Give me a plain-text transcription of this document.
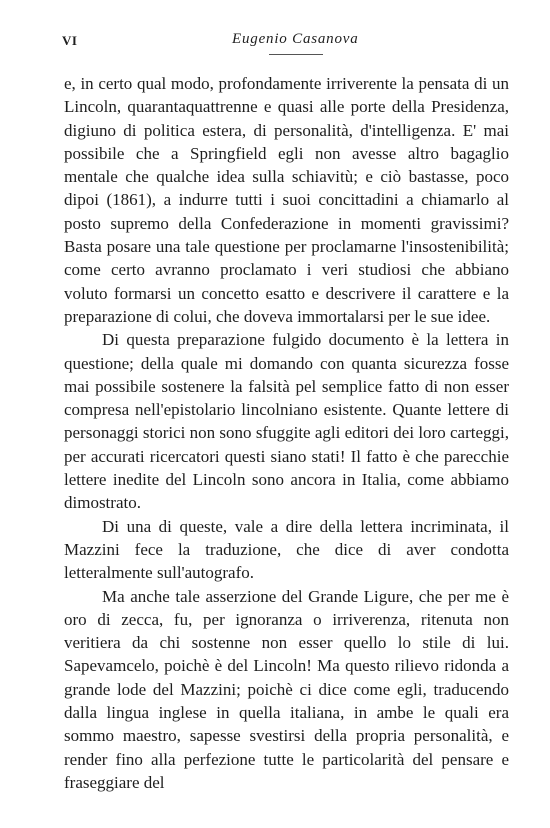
VI	Eugenio Casanova

e, in certo qual modo, profondamente irriverente la pensata di un Lincoln, quarantaquattrenne e quasi alle porte della Presidenza, digiuno di politica estera, di personalità, d'intelligenza. E' mai possibile che a Springfield egli non avesse altro bagaglio mentale che qualche idea sulla schiavitù; e ciò bastasse, poco dipoi (1861), a indurre tutti i suoi concittadini a chiamarlo al posto supremo della Confederazione in momenti gravissimi? Basta posare una tale questione per proclamarne l'insostenibilità; come certo avranno proclamato i veri studiosi che abbiano voluto formarsi un concetto esatto e descrivere il carattere e la preparazione di colui, che doveva immortalarsi per le sue idee.

Di questa preparazione fulgido documento è la lettera in questione; della quale mi domando con quanta sicurezza fosse mai possibile sostenere la falsità pel semplice fatto di non esser compresa nell'epistolario lincolniano esistente. Quante lettere di personaggi storici non sono sfuggite agli editori dei loro carteggi, per accurati ricercatori questi siano stati! Il fatto è che parecchie lettere inedite del Lincoln sono ancora in Italia, come abbiamo dimostrato.

Di una di queste, vale a dire della lettera incriminata, il Mazzini fece la traduzione, che dice di aver condotta letteralmente sull'autografo.

Ma anche tale asserzione del Grande Ligure, che per me è oro di zecca, fu, per ignoranza o irriverenza, ritenuta non veritiera da chi sostenne non esser quello lo stile di lui. Sapevamcelo, poichè è del Lincoln! Ma questo rilievo ridonda a grande lode del Mazzini; poichè ci dice come egli, traducendo dalla lingua inglese in quella italiana, in ambe le quali era sommo maestro, sapesse svestirsi della propria personalità, e render fino alla perfezione tutte le particolarità del pensare e fraseggiare del
